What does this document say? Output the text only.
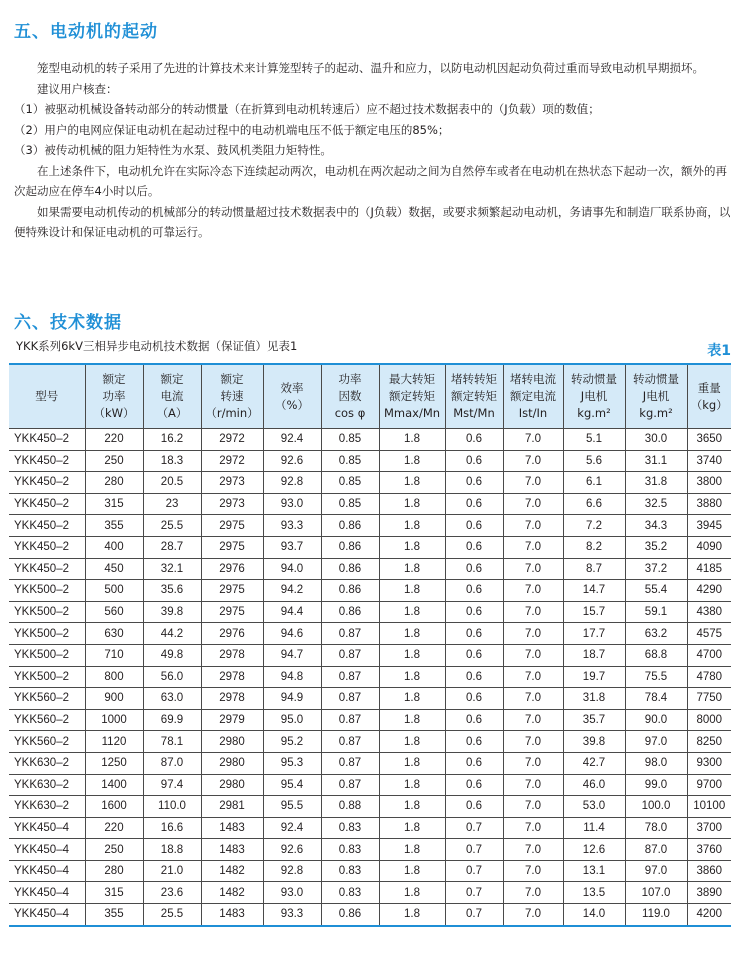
五、电动机的起动

笼型电动机的转子采用了先进的计算技术来计算笼型转子的起动、温升和应力，以防电动机因起动负荷过重而导致电动机早期损坏。

建议用户核查：

（1）被驱动机械设备转动部分的转动惯量（在折算到电动机转速后）应不超过技术数据表中的（J负载）项的数值；

（2）用户的电网应保证电动机在起动过程中的电动机端电压不低于额定电压的85%；

（3）被传动机械的阻力矩特性为水泵、鼓风机类阻力矩特性。

在上述条件下，电动机允许在实际冷态下连续起动两次，电动机在两次起动之间为自然停车或者在电动机在热状态下起动一次，额外的再次起动应在停车4小时以后。

如果需要电动机传动的机械部分的转动惯量超过技术数据表中的（J负载）数据，或要求频繁起动电动机，务请事先和制造厂联系协商，以便特殊设计和保证电动机的可靠运行。

六、技术数据
YKK系列6kV三相异步电动机技术数据（保证值）见表1	表1
型号	额定
功率
（kW）	额定
电流
（A）	额定
转速
（r/min）	效率
（%）	功率
因数
cos φ	最大转矩
额定转矩
Mmax/Mn	堵转转矩
额定转矩
Mst/Mn	堵转电流
额定电流
Ist/In	转动惯量
J电机
kg.m²	转动惯量
J电机
kg.m²	重量
（kg）

YKK450–2	220	16.2	2972	92.4	0.85	1.8	0.6	7.0	5.1	30.0	3650
YKK450–2	250	18.3	2972	92.6	0.85	1.8	0.6	7.0	5.6	31.1	3740
YKK450–2	280	20.5	2973	92.8	0.85	1.8	0.6	7.0	6.1	31.8	3800
YKK450–2	315	23	2973	93.0	0.85	1.8	0.6	7.0	6.6	32.5	3880
YKK450–2	355	25.5	2975	93.3	0.86	1.8	0.6	7.0	7.2	34.3	3945
YKK450–2	400	28.7	2975	93.7	0.86	1.8	0.6	7.0	8.2	35.2	4090
YKK450–2	450	32.1	2976	94.0	0.86	1.8	0.6	7.0	8.7	37.2	4185
YKK500–2	500	35.6	2975	94.2	0.86	1.8	0.6	7.0	14.7	55.4	4290
YKK500–2	560	39.8	2975	94.4	0.86	1.8	0.6	7.0	15.7	59.1	4380
YKK500–2	630	44.2	2976	94.6	0.87	1.8	0.6	7.0	17.7	63.2	4575
YKK500–2	710	49.8	2978	94.7	0.87	1.8	0.6	7.0	18.7	68.8	4700
YKK500–2	800	56.0	2978	94.8	0.87	1.8	0.6	7.0	19.7	75.5	4780
YKK560–2	900	63.0	2978	94.9	0.87	1.8	0.6	7.0	31.8	78.4	7750
YKK560–2	1000	69.9	2979	95.0	0.87	1.8	0.6	7.0	35.7	90.0	8000
YKK560–2	1120	78.1	2980	95.2	0.87	1.8	0.6	7.0	39.8	97.0	8250
YKK630–2	1250	87.0	2980	95.3	0.87	1.8	0.6	7.0	42.7	98.0	9300
YKK630–2	1400	97.4	2980	95.4	0.87	1.8	0.6	7.0	46.0	99.0	9700
YKK630–2	1600	110.0	2981	95.5	0.88	1.8	0.6	7.0	53.0	100.0	10100
YKK450–4	220	16.6	1483	92.4	0.83	1.8	0.7	7.0	11.4	78.0	3700
YKK450–4	250	18.8	1483	92.6	0.83	1.8	0.7	7.0	12.6	87.0	3760
YKK450–4	280	21.0	1482	92.8	0.83	1.8	0.7	7.0	13.1	97.0	3860
YKK450–4	315	23.6	1482	93.0	0.83	1.8	0.7	7.0	13.5	107.0	3890
YKK450–4	355	25.5	1483	93.3	0.86	1.8	0.7	7.0	14.0	119.0	4200
